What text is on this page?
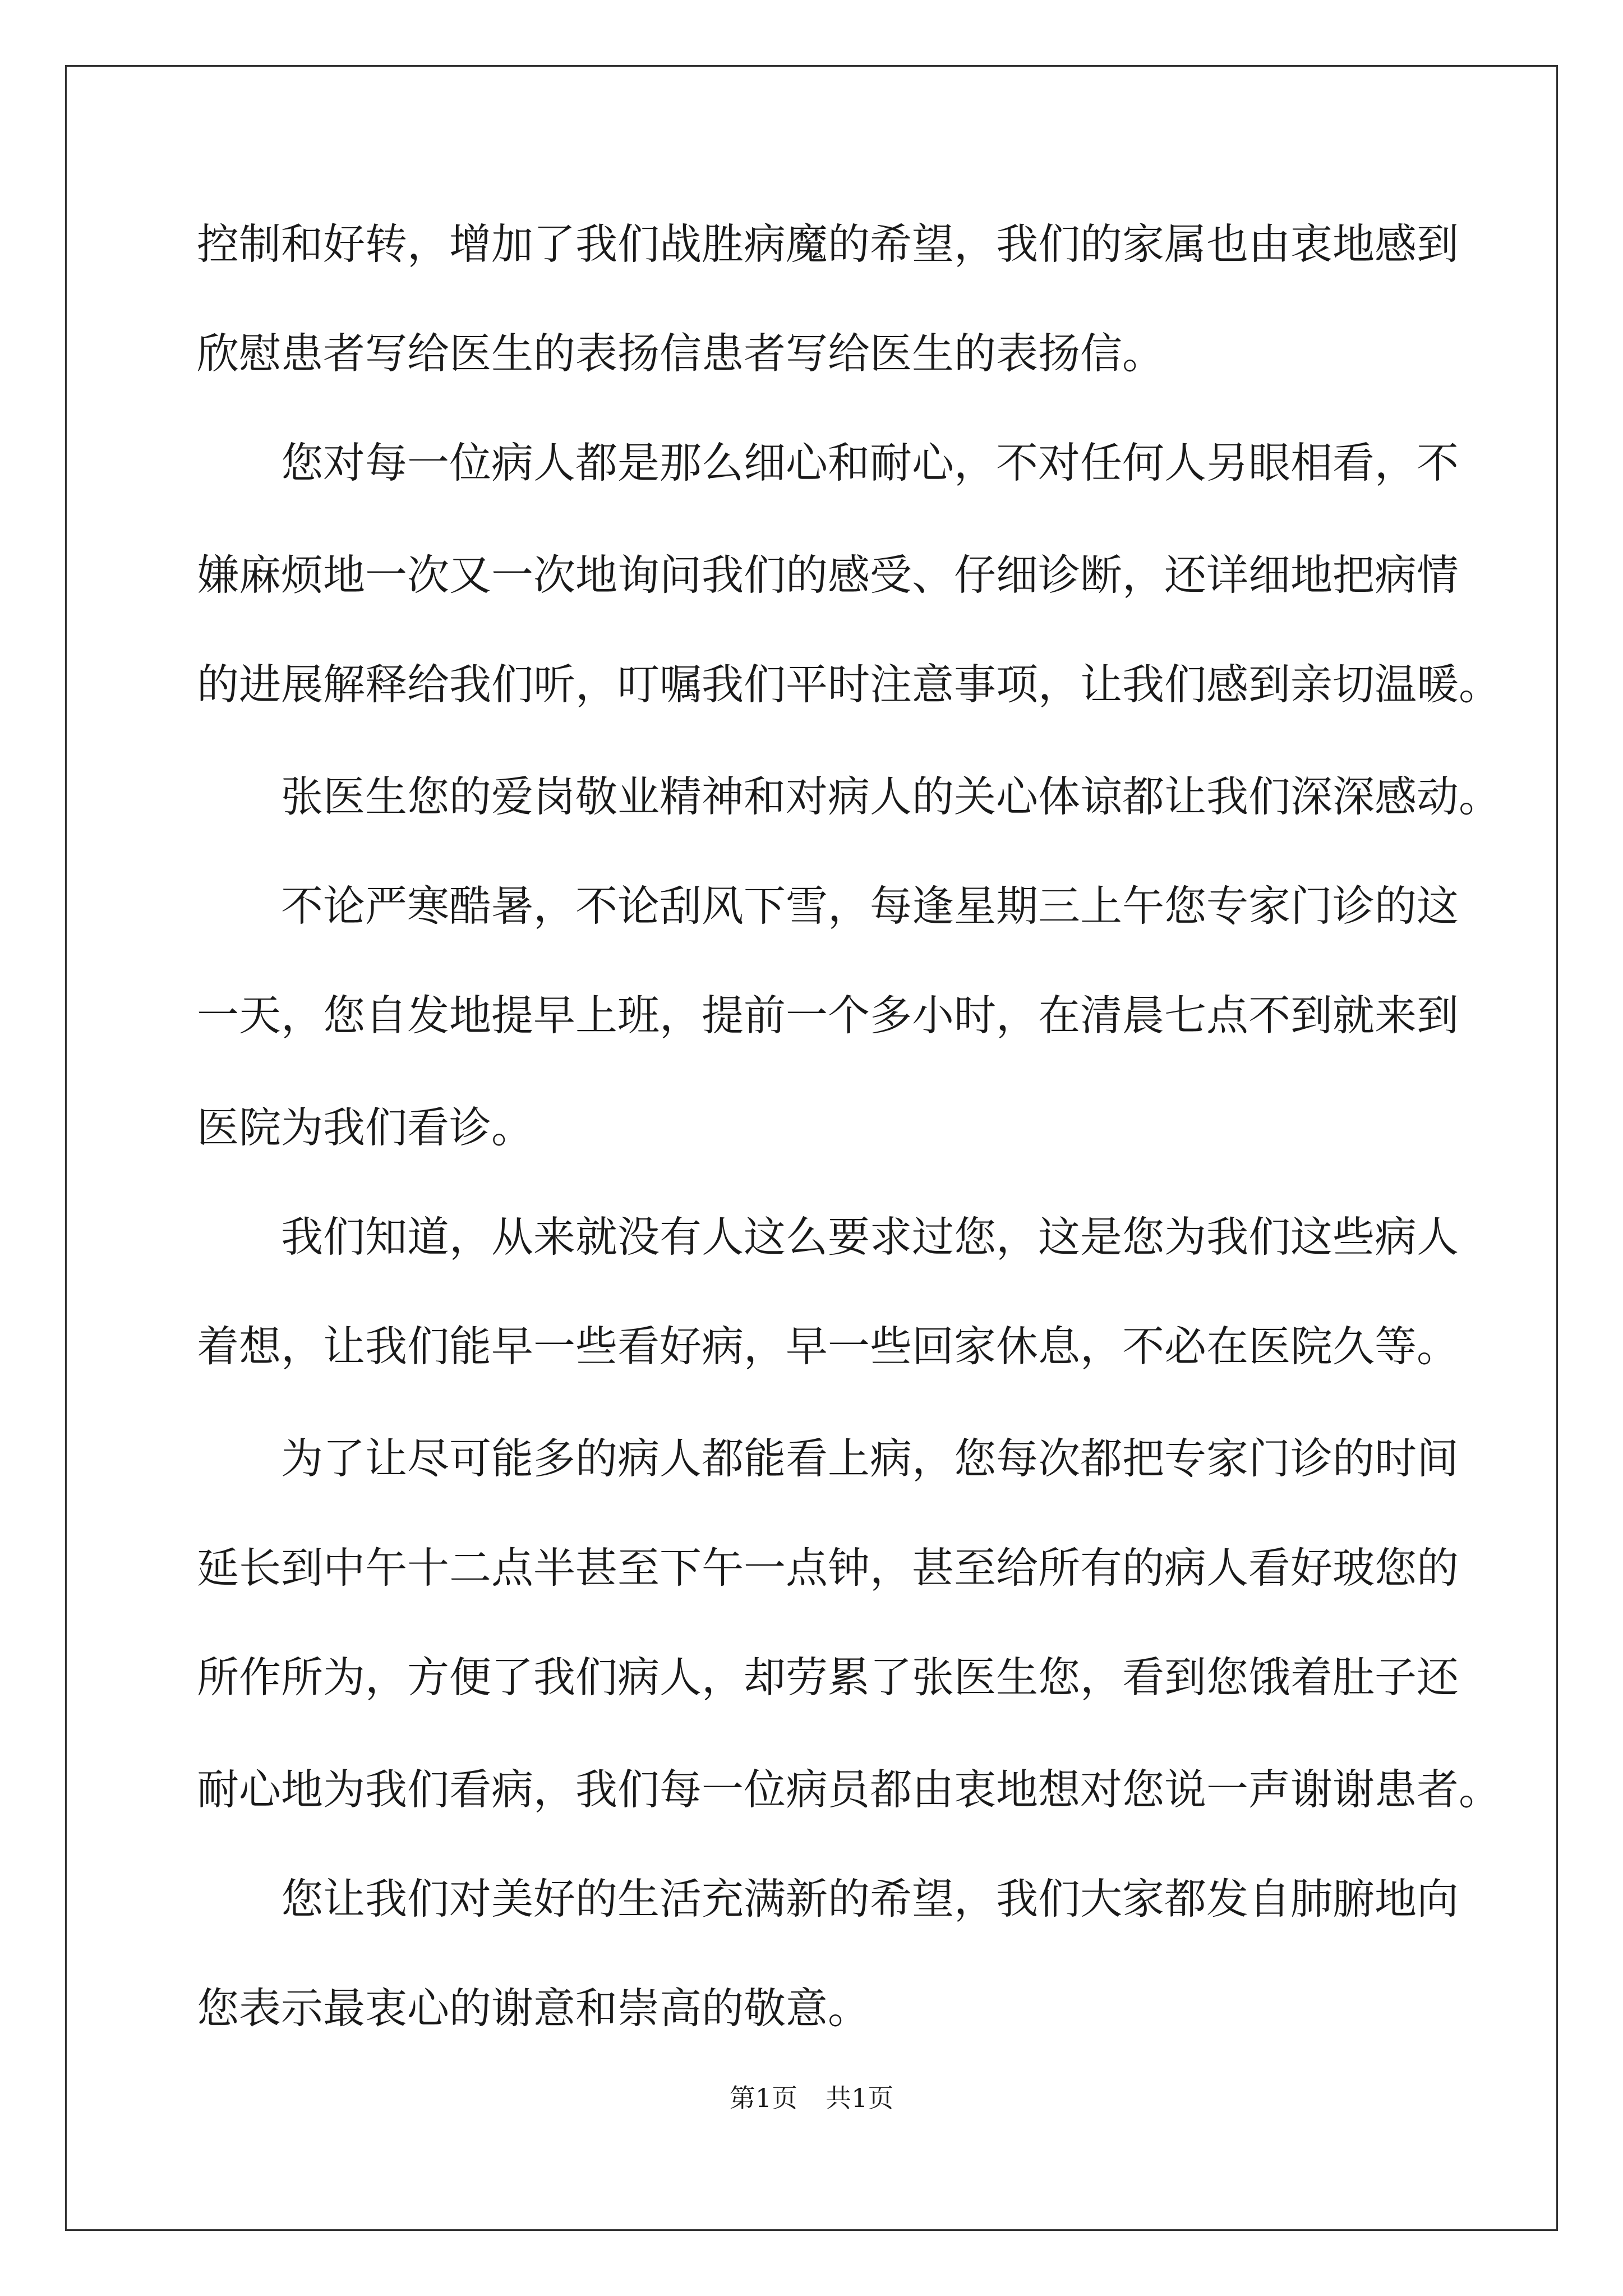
控制和好转，增加了我们战胜病魔的希望，我们的家属也由衷地感到
欣慰患者写给医生的表扬信患者写给医生的表扬信。
　　您对每一位病人都是那么细心和耐心，不对任何人另眼相看，不
嫌麻烦地一次又一次地询问我们的感受、仔细诊断，还详细地把病情
的进展解释给我们听，叮嘱我们平时注意事项，让我们感到亲切温暖。
　　张医生您的爱岗敬业精神和对病人的关心体谅都让我们深深感动。
　　不论严寒酷暑，不论刮风下雪，每逢星期三上午您专家门诊的这
一天，您自发地提早上班，提前一个多小时，在清晨七点不到就来到
医院为我们看诊。
　　我们知道，从来就没有人这么要求过您，这是您为我们这些病人
着想，让我们能早一些看好病，早一些回家休息，不必在医院久等。
　　为了让尽可能多的病人都能看上病，您每次都把专家门诊的时间
延长到中午十二点半甚至下午一点钟，甚至给所有的病人看好玻您的
所作所为，方便了我们病人，却劳累了张医生您，看到您饿着肚子还
耐心地为我们看病，我们每一位病员都由衷地想对您说一声谢谢患者。
　　您让我们对美好的生活充满新的希望，我们大家都发自肺腑地向
您表示最衷心的谢意和崇高的敬意。
第1页 共1页
